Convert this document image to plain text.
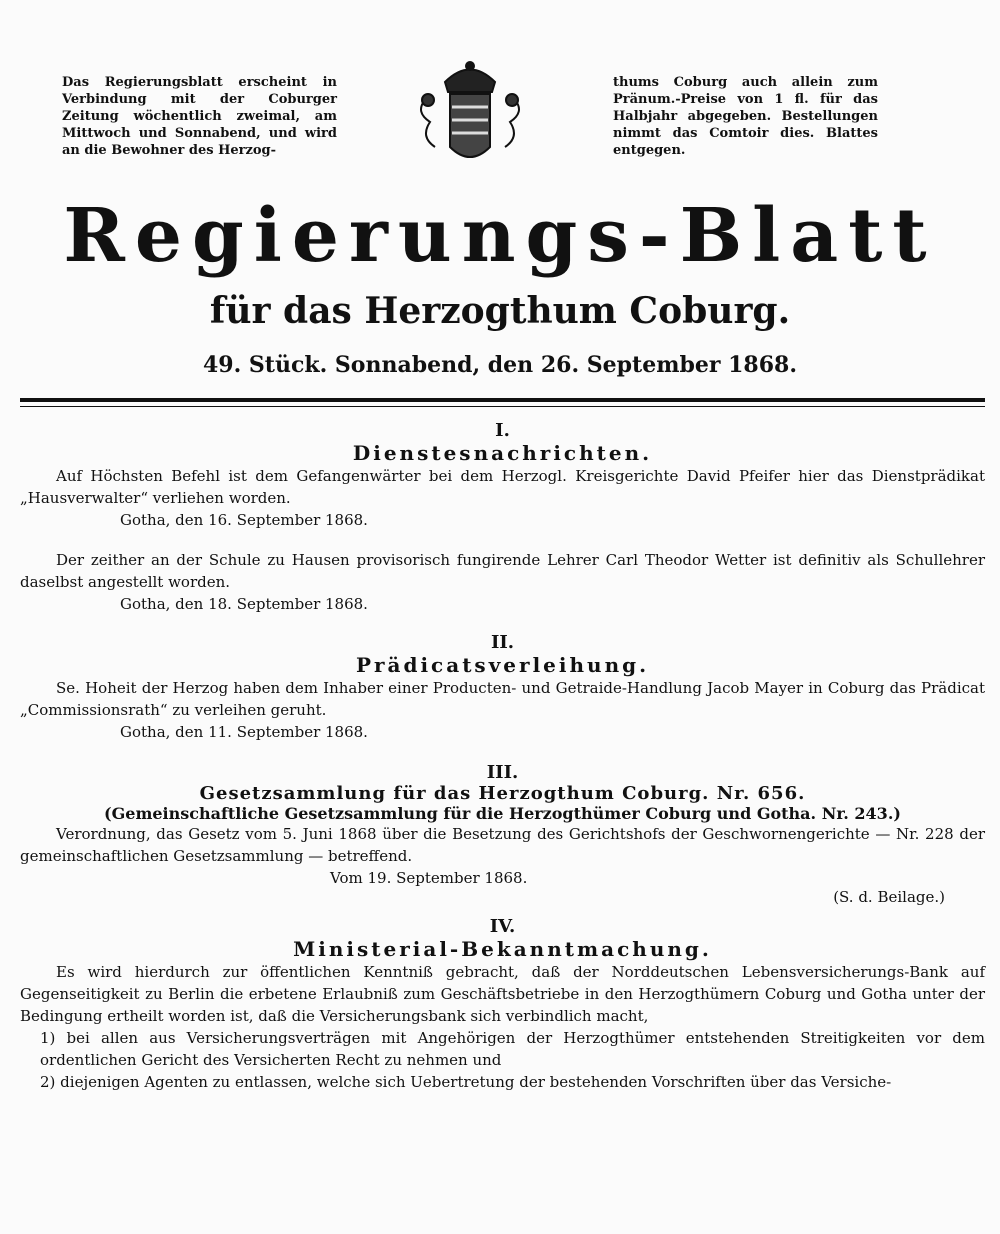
Das Regierungsblatt erscheint in Verbindung mit der Coburger Zeitung wöchentlich zweimal, am Mittwoch und Sonnabend, und wird an die Bewohner des Herzog-
thums Coburg auch allein zum Pränum.-Preise von 1 fl. für das Halbjahr abgegeben. Bestellungen nimmt das Comtoir dies. Blattes entgegen.
Regierungs-Blatt
für das Herzogthum Coburg.
49. Stück. Sonnabend, den 26. September 1868.
I.
Dienstesnachrichten.
Auf Höchsten Befehl ist dem Gefangenwärter bei dem Herzogl. Kreisgerichte David Pfeifer hier das Dienstprädikat „Hausverwalter“ verliehen worden.
Gotha, den 16. September 1868.
Der zeither an der Schule zu Hausen provisorisch fungirende Lehrer Carl Theodor Wetter ist definitiv als Schullehrer daselbst angestellt worden.
Gotha, den 18. September 1868.
II.
Prädicatsverleihung.
Se. Hoheit der Herzog haben dem Inhaber einer Producten- und Getraide-Handlung Jacob Mayer in Coburg das Prädicat „Commissionsrath“ zu verleihen geruht.
Gotha, den 11. September 1868.
III.
Gesetzsammlung für das Herzogthum Coburg. Nr. 656.
(Gemeinschaftliche Gesetzsammlung für die Herzogthümer Coburg und Gotha. Nr. 243.)
Verordnung, das Gesetz vom 5. Juni 1868 über die Besetzung des Gerichtshofs der Geschwornengerichte — Nr. 228 der gemeinschaftlichen Gesetzsammlung — betreffend.
Vom 19. September 1868.
(S. d. Beilage.)
IV.
Ministerial-Bekanntmachung.
Es wird hierdurch zur öffentlichen Kenntniß gebracht, daß der Norddeutschen Lebensversicherungs-Bank auf Gegenseitigkeit zu Berlin die erbetene Erlaubniß zum Geschäftsbetriebe in den Herzogthümern Coburg und Gotha unter der Bedingung ertheilt worden ist, daß die Versicherungsbank sich verbindlich macht,
1) bei allen aus Versicherungsverträgen mit Angehörigen der Herzogthümer entstehenden Streitigkeiten vor dem ordentlichen Gericht des Versicherten Recht zu nehmen und
2) diejenigen Agenten zu entlassen, welche sich Uebertretung der bestehenden Vorschriften über das Versiche-
